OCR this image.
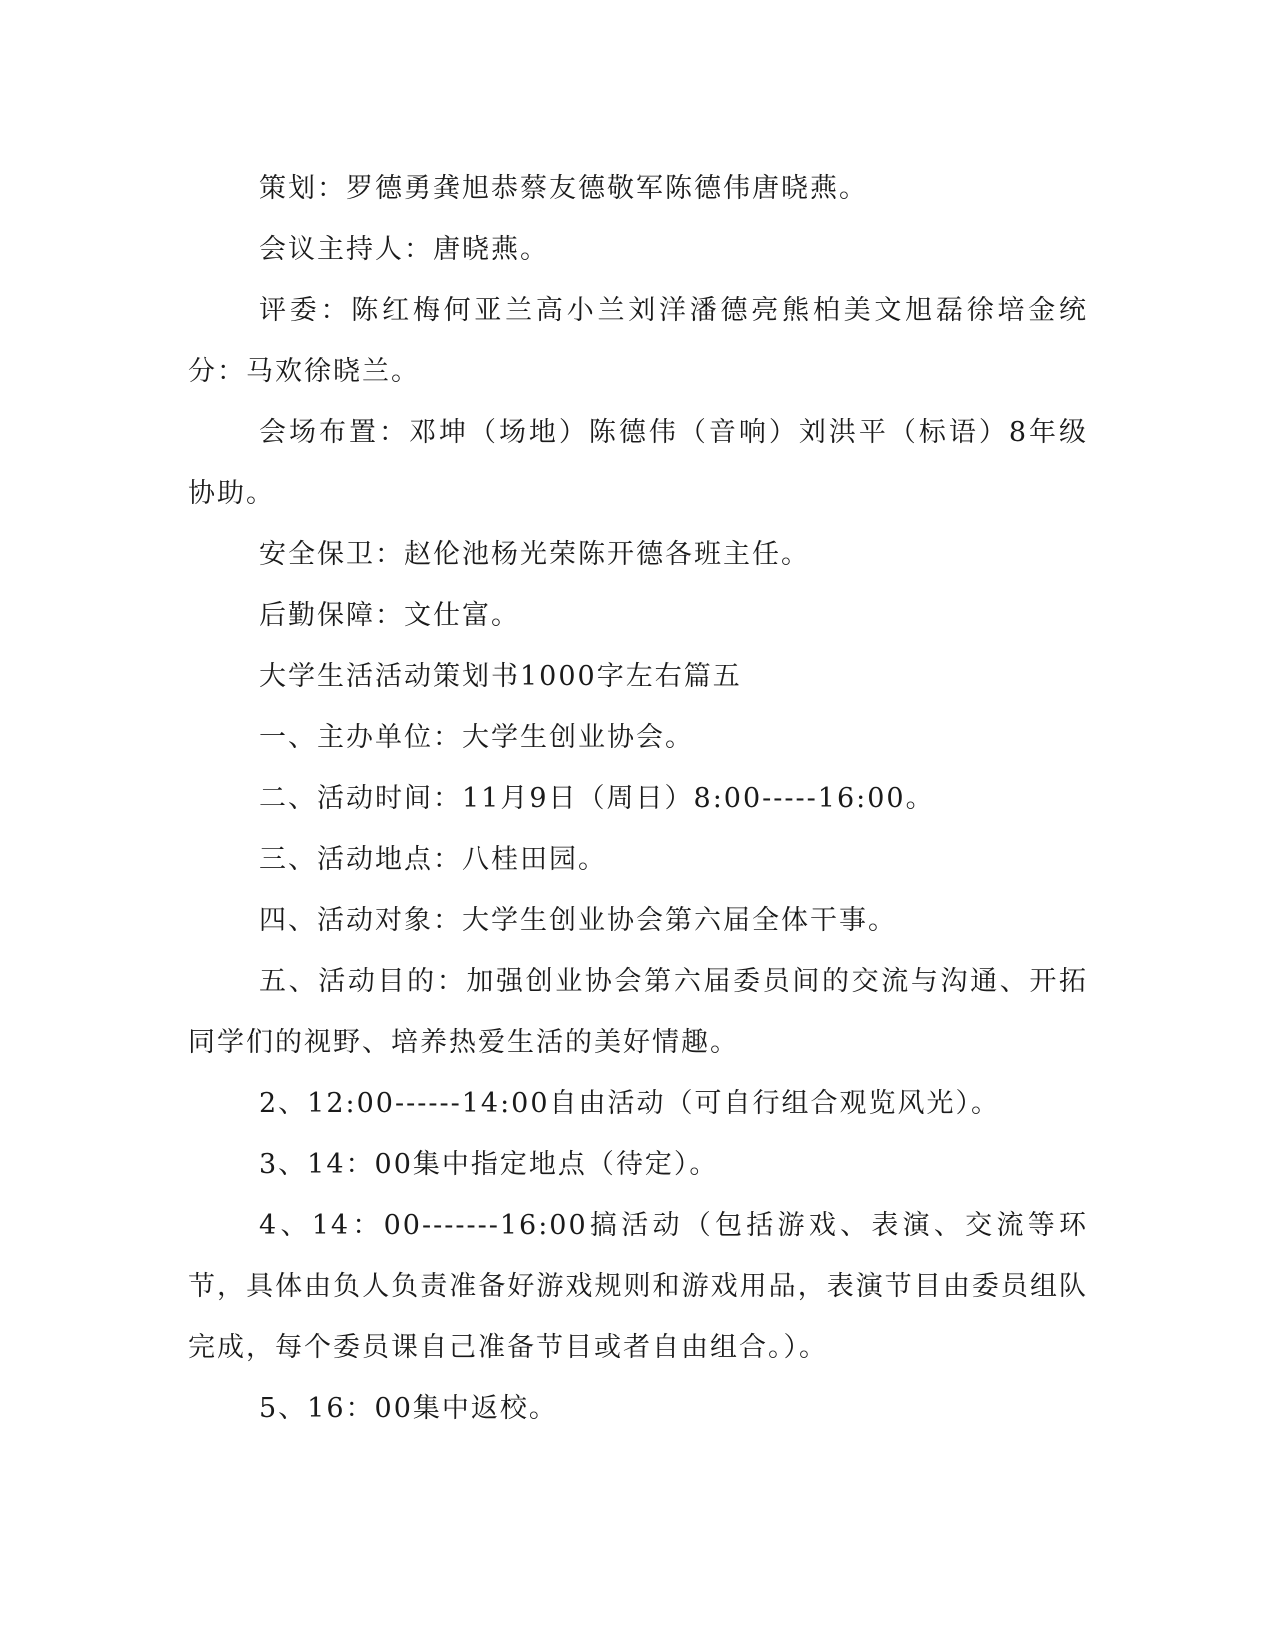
策划：罗德勇龚旭恭蔡友德敬军陈德伟唐晓燕。

会议主持人：唐晓燕。

评委：陈红梅何亚兰高小兰刘洋潘德亮熊柏美文旭磊徐培金统分：马欢徐晓兰。

会场布置：邓坤（场地）陈德伟（音响）刘洪平（标语）8年级协助。

安全保卫：赵伦池杨光荣陈开德各班主任。

后勤保障：文仕富。

大学生活活动策划书1000字左右篇五

一、主办单位：大学生创业协会。

二、活动时间：11月9日（周日）8:00-----16:00。

三、活动地点：八桂田园。

四、活动对象：大学生创业协会第六届全体干事。

五、活动目的：加强创业协会第六届委员间的交流与沟通、开拓同学们的视野、培养热爱生活的美好情趣。

2、12:00------14:00自由活动（可自行组合观览风光）。

3、14：00集中指定地点（待定）。

4、14：00-------16:00搞活动（包括游戏、表演、交流等环节，具体由负人负责准备好游戏规则和游戏用品，表演节目由委员组队完成，每个委员课自己准备节目或者自由组合。）。

5、16：00集中返校。
